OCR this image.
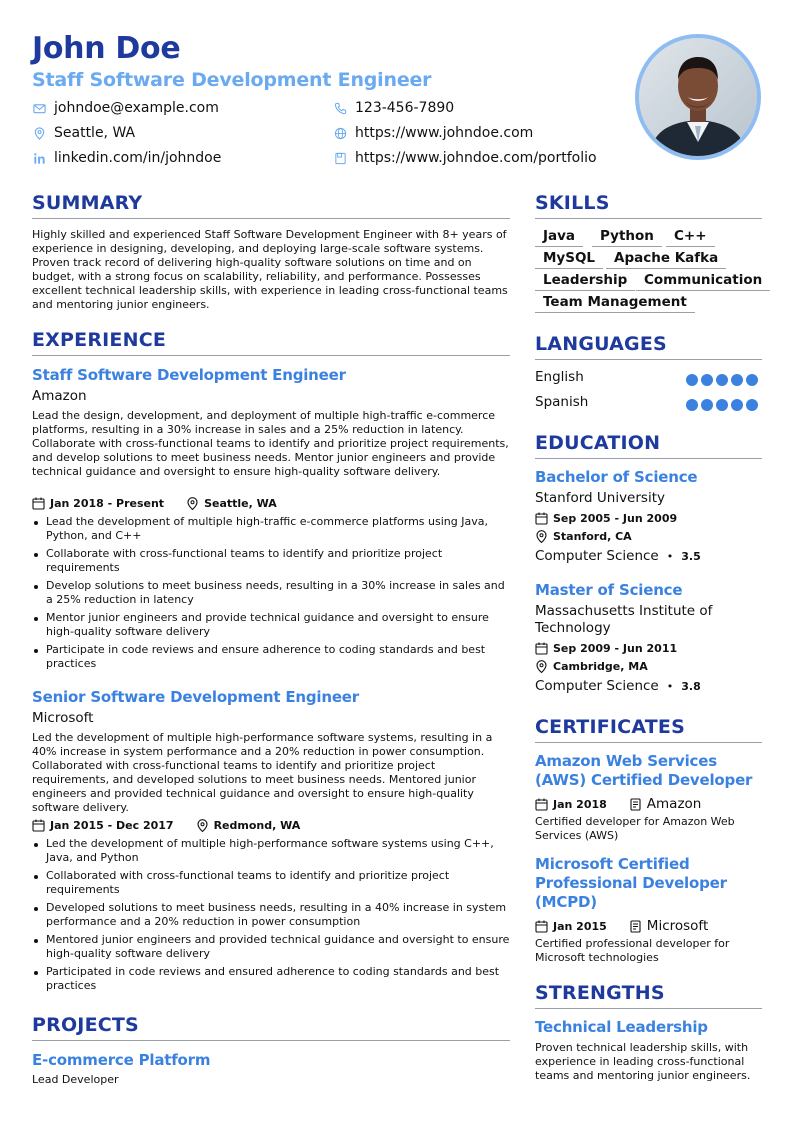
John Doe
Staff Software Development Engineer
johndoe@example.com	123-456-7890
Seattle, WA	https://www.johndoe.com
linkedin.com/in/johndoe	https://www.johndoe.com/portfolio
SUMMARY
Highly skilled and experienced Staff Software Development Engineer with 8+ years of experience in designing, developing, and deploying large-scale software systems. Proven track record of delivering high-quality software solutions on time and on budget, with a strong focus on scalability, reliability, and performance. Possesses excellent technical leadership skills, with experience in leading cross-functional teams and mentoring junior engineers.
EXPERIENCE
Staff Software Development Engineer
Amazon
Lead the design, development, and deployment of multiple high-traffic e-commerce platforms, resulting in a 30% increase in sales and a 25% reduction in latency. Collaborate with cross-functional teams to identify and prioritize project requirements, and develop solutions to meet business needs. Mentor junior engineers and provide technical guidance and oversight to ensure high-quality software delivery.
Jan 2018 - Present	Seattle, WA
Lead the development of multiple high-traffic e-commerce platforms using Java, Python, and C++
Collaborate with cross-functional teams to identify and prioritize project requirements
Develop solutions to meet business needs, resulting in a 30% increase in sales and a 25% reduction in latency
Mentor junior engineers and provide technical guidance and oversight to ensure high-quality software delivery
Participate in code reviews and ensure adherence to coding standards and best practices
Senior Software Development Engineer
Microsoft
Led the development of multiple high-performance software systems, resulting in a 40% increase in system performance and a 20% reduction in power consumption. Collaborated with cross-functional teams to identify and prioritize project requirements, and developed solutions to meet business needs. Mentored junior engineers and provided technical guidance and oversight to ensure high-quality software delivery.
Jan 2015 - Dec 2017	Redmond, WA
Led the development of multiple high-performance software systems using C++, Java, and Python
Collaborated with cross-functional teams to identify and prioritize project requirements
Developed solutions to meet business needs, resulting in a 40% increase in system performance and a 20% reduction in power consumption
Mentored junior engineers and provided technical guidance and oversight to ensure high-quality software delivery
Participated in code reviews and ensured adherence to coding standards and best practices
PROJECTS
E-commerce Platform
Lead Developer
SKILLS
Java	Python	C++
MySQL	Apache Kafka
Leadership	Communication
Team Management
LANGUAGES
English
Spanish
EDUCATION
Bachelor of Science
Stanford University
Sep 2005 - Jun 2009
Stanford, CA
Computer Science • 3.5
Master of Science
Massachusetts Institute of Technology
Sep 2009 - Jun 2011
Cambridge, MA
Computer Science • 3.8
CERTIFICATES
Amazon Web Services (AWS) Certified Developer
Jan 2018	Amazon
Certified developer for Amazon Web Services (AWS)
Microsoft Certified Professional Developer (MCPD)
Jan 2015	Microsoft
Certified professional developer for Microsoft technologies
STRENGTHS
Technical Leadership
Proven technical leadership skills, with experience in leading cross-functional teams and mentoring junior engineers.
